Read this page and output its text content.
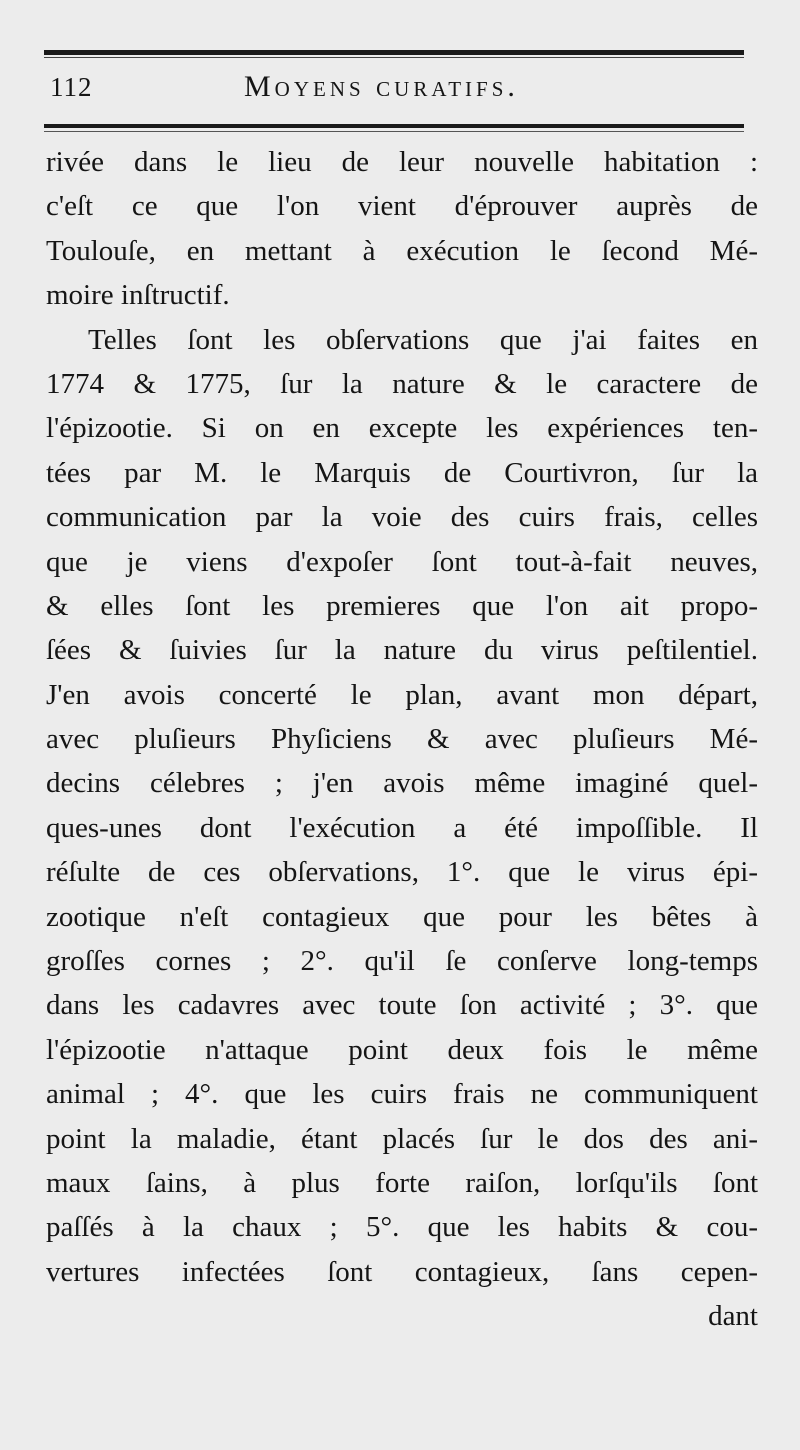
112	Moyens curatifs.
rivée dans le lieu de leur nouvelle habitation :
c'eſt ce que l'on vient d'éprouver auprès de
Toulouſe, en mettant à exécution le ſecond Mé-
moire inſtructif.
Telles ſont les obſervations que j'ai faites en
1774 & 1775, ſur la nature & le caractere de
l'épizootie. Si on en excepte les expériences ten-
tées par M. le Marquis de Courtivron, ſur la
communication par la voie des cuirs frais, celles
que je viens d'expoſer ſont tout-à-fait neuves,
& elles ſont les premieres que l'on ait propo-
ſées & ſuivies ſur la nature du virus peſtilentiel.
J'en avois concerté le plan, avant mon départ,
avec pluſieurs Phyſiciens & avec pluſieurs Mé-
decins célebres ; j'en avois même imaginé quel-
ques-unes dont l'exécution a été impoſſible. Il
réſulte de ces obſervations, 1°. que le virus épi-
zootique n'eſt contagieux que pour les bêtes à
groſſes cornes ; 2°. qu'il ſe conſerve long-temps
dans les cadavres avec toute ſon activité ; 3°. que
l'épizootie n'attaque point deux fois le même
animal ; 4°. que les cuirs frais ne communiquent
point la maladie, étant placés ſur le dos des ani-
maux ſains, à plus forte raiſon, lorſqu'ils ſont
paſſés à la chaux ; 5°. que les habits & cou-
vertures infectées ſont contagieux, ſans cepen-
dant
